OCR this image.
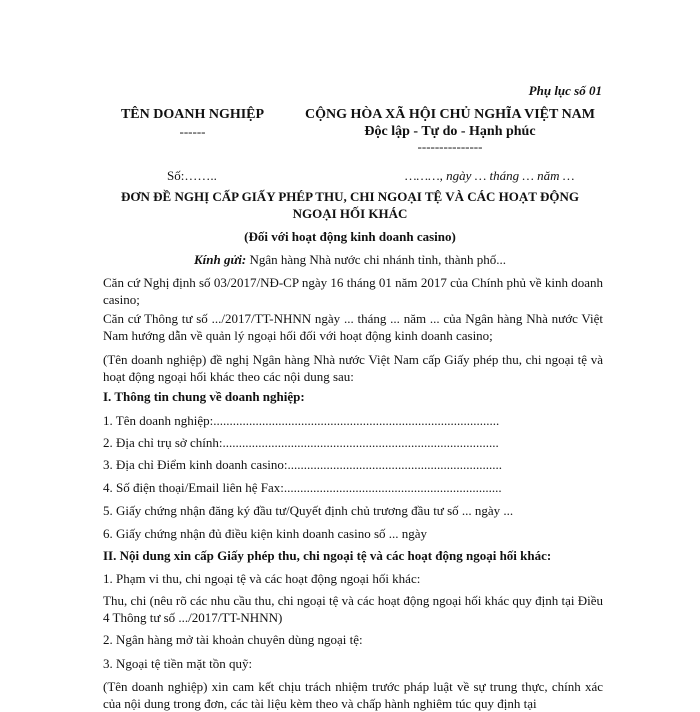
Phụ lục số 01
TÊN DOANH NGHIỆP
------
CỘNG HÒA XÃ HỘI CHỦ NGHĨA VIỆT NAM
Độc lập - Tự do - Hạnh phúc
---------------
Số:……..	………, ngày … tháng … năm …
ĐƠN ĐỀ NGHỊ CẤP GIẤY PHÉP THU, CHI NGOẠI TỆ VÀ CÁC HOẠT ĐỘNG
NGOẠI HỐI KHÁC
(Đối với hoạt động kinh doanh casino)
Kính gửi: Ngân hàng Nhà nước chi nhánh tỉnh, thành phố...
Căn cứ Nghị định số 03/2017/NĐ-CP ngày 16 tháng 01 năm 2017 của Chính phủ về kinh doanh casino;
Căn cứ Thông tư số .../2017/TT-NHNN ngày ... tháng ... năm ... của Ngân hàng Nhà nước Việt Nam hướng dẫn về quản lý ngoại hối đối với hoạt động kinh doanh casino;
(Tên doanh nghiệp) đề nghị Ngân hàng Nhà nước Việt Nam cấp Giấy phép thu, chi ngoại tệ và hoạt động ngoại hối khác theo các nội dung sau:
I. Thông tin chung về doanh nghiệp:
1. Tên doanh nghiệp:........................................................................................
2. Địa chỉ trụ sở chính:.....................................................................................
3. Địa chỉ Điểm kinh doanh casino:..................................................................
4. Số điện thoại/Email liên hệ Fax:...................................................................
5. Giấy chứng nhận đăng ký đầu tư/Quyết định chủ trương đầu tư số ... ngày ...
6. Giấy chứng nhận đủ điều kiện kinh doanh casino số ... ngày
II. Nội dung xin cấp Giấy phép thu, chi ngoại tệ và các hoạt động ngoại hối khác:
1. Phạm vi thu, chi ngoại tệ và các hoạt động ngoại hối khác:
Thu, chi (nêu rõ các nhu cầu thu, chi ngoại tệ và các hoạt động ngoại hối khác quy định tại Điều 4 Thông tư số .../2017/TT-NHNN)
2. Ngân hàng mở tài khoản chuyên dùng ngoại tệ:
3. Ngoại tệ tiền mặt tồn quỹ:
(Tên doanh nghiệp) xin cam kết chịu trách nhiệm trước pháp luật về sự trung thực, chính xác của nội dung trong đơn, các tài liệu kèm theo và chấp hành nghiêm túc quy định tại
